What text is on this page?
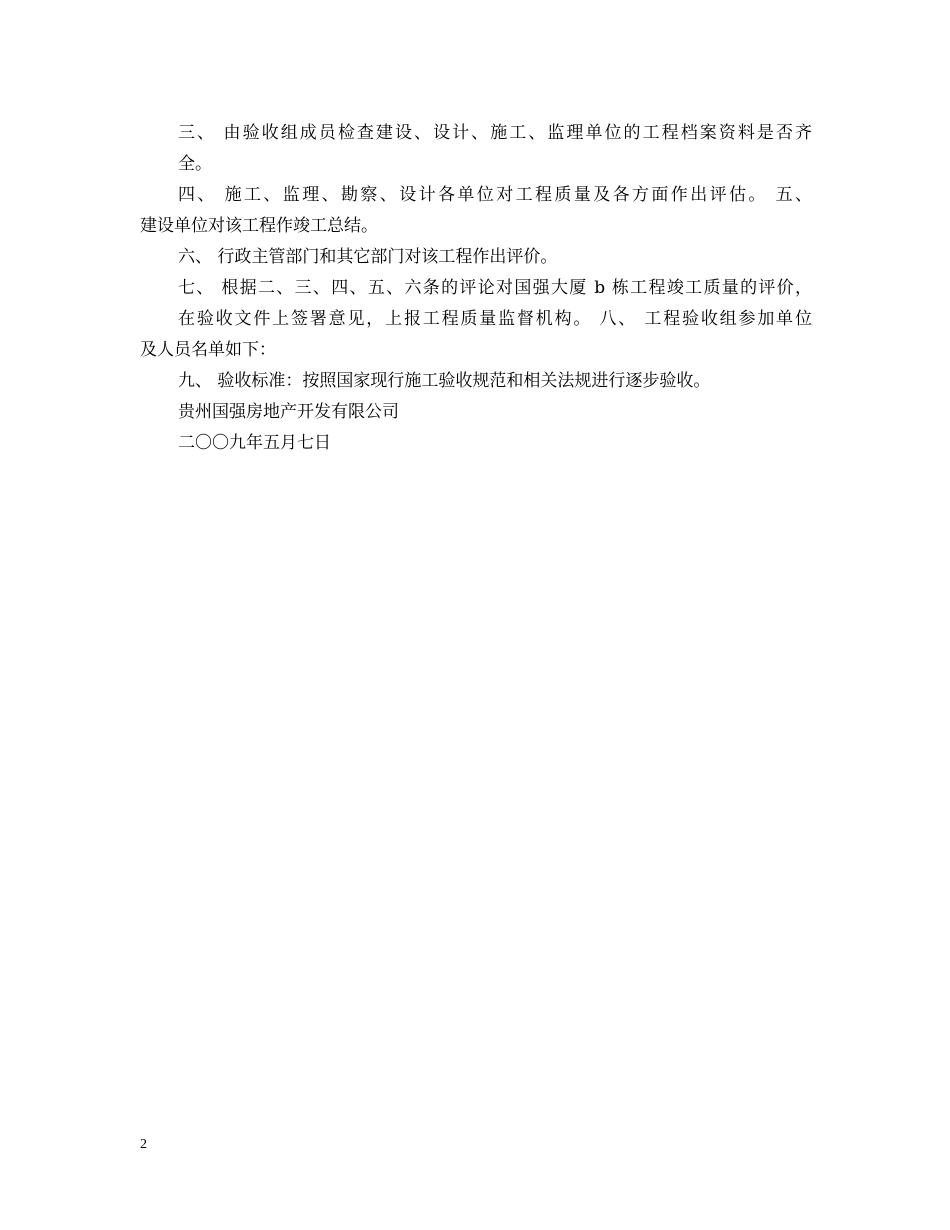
三、 由验收组成员检查建设、设计、施工、监理单位的工程档案资料是否齐
全。
四、 施工、监理、勘察、设计各单位对工程质量及各方面作出评估。 五、
建设单位对该工程作竣工总结。
六、 行政主管部门和其它部门对该工程作出评价。
七、 根据二、三、四、五、六条的评论对国强大厦 b 栋工程竣工质量的评价，
在验收文件上签署意见，上报工程质量监督机构。 八、 工程验收组参加单位
及人员名单如下：
九、 验收标准：按照国家现行施工验收规范和相关法规进行逐步验收。
贵州国强房地产开发有限公司
二〇〇九年五月七日
2
